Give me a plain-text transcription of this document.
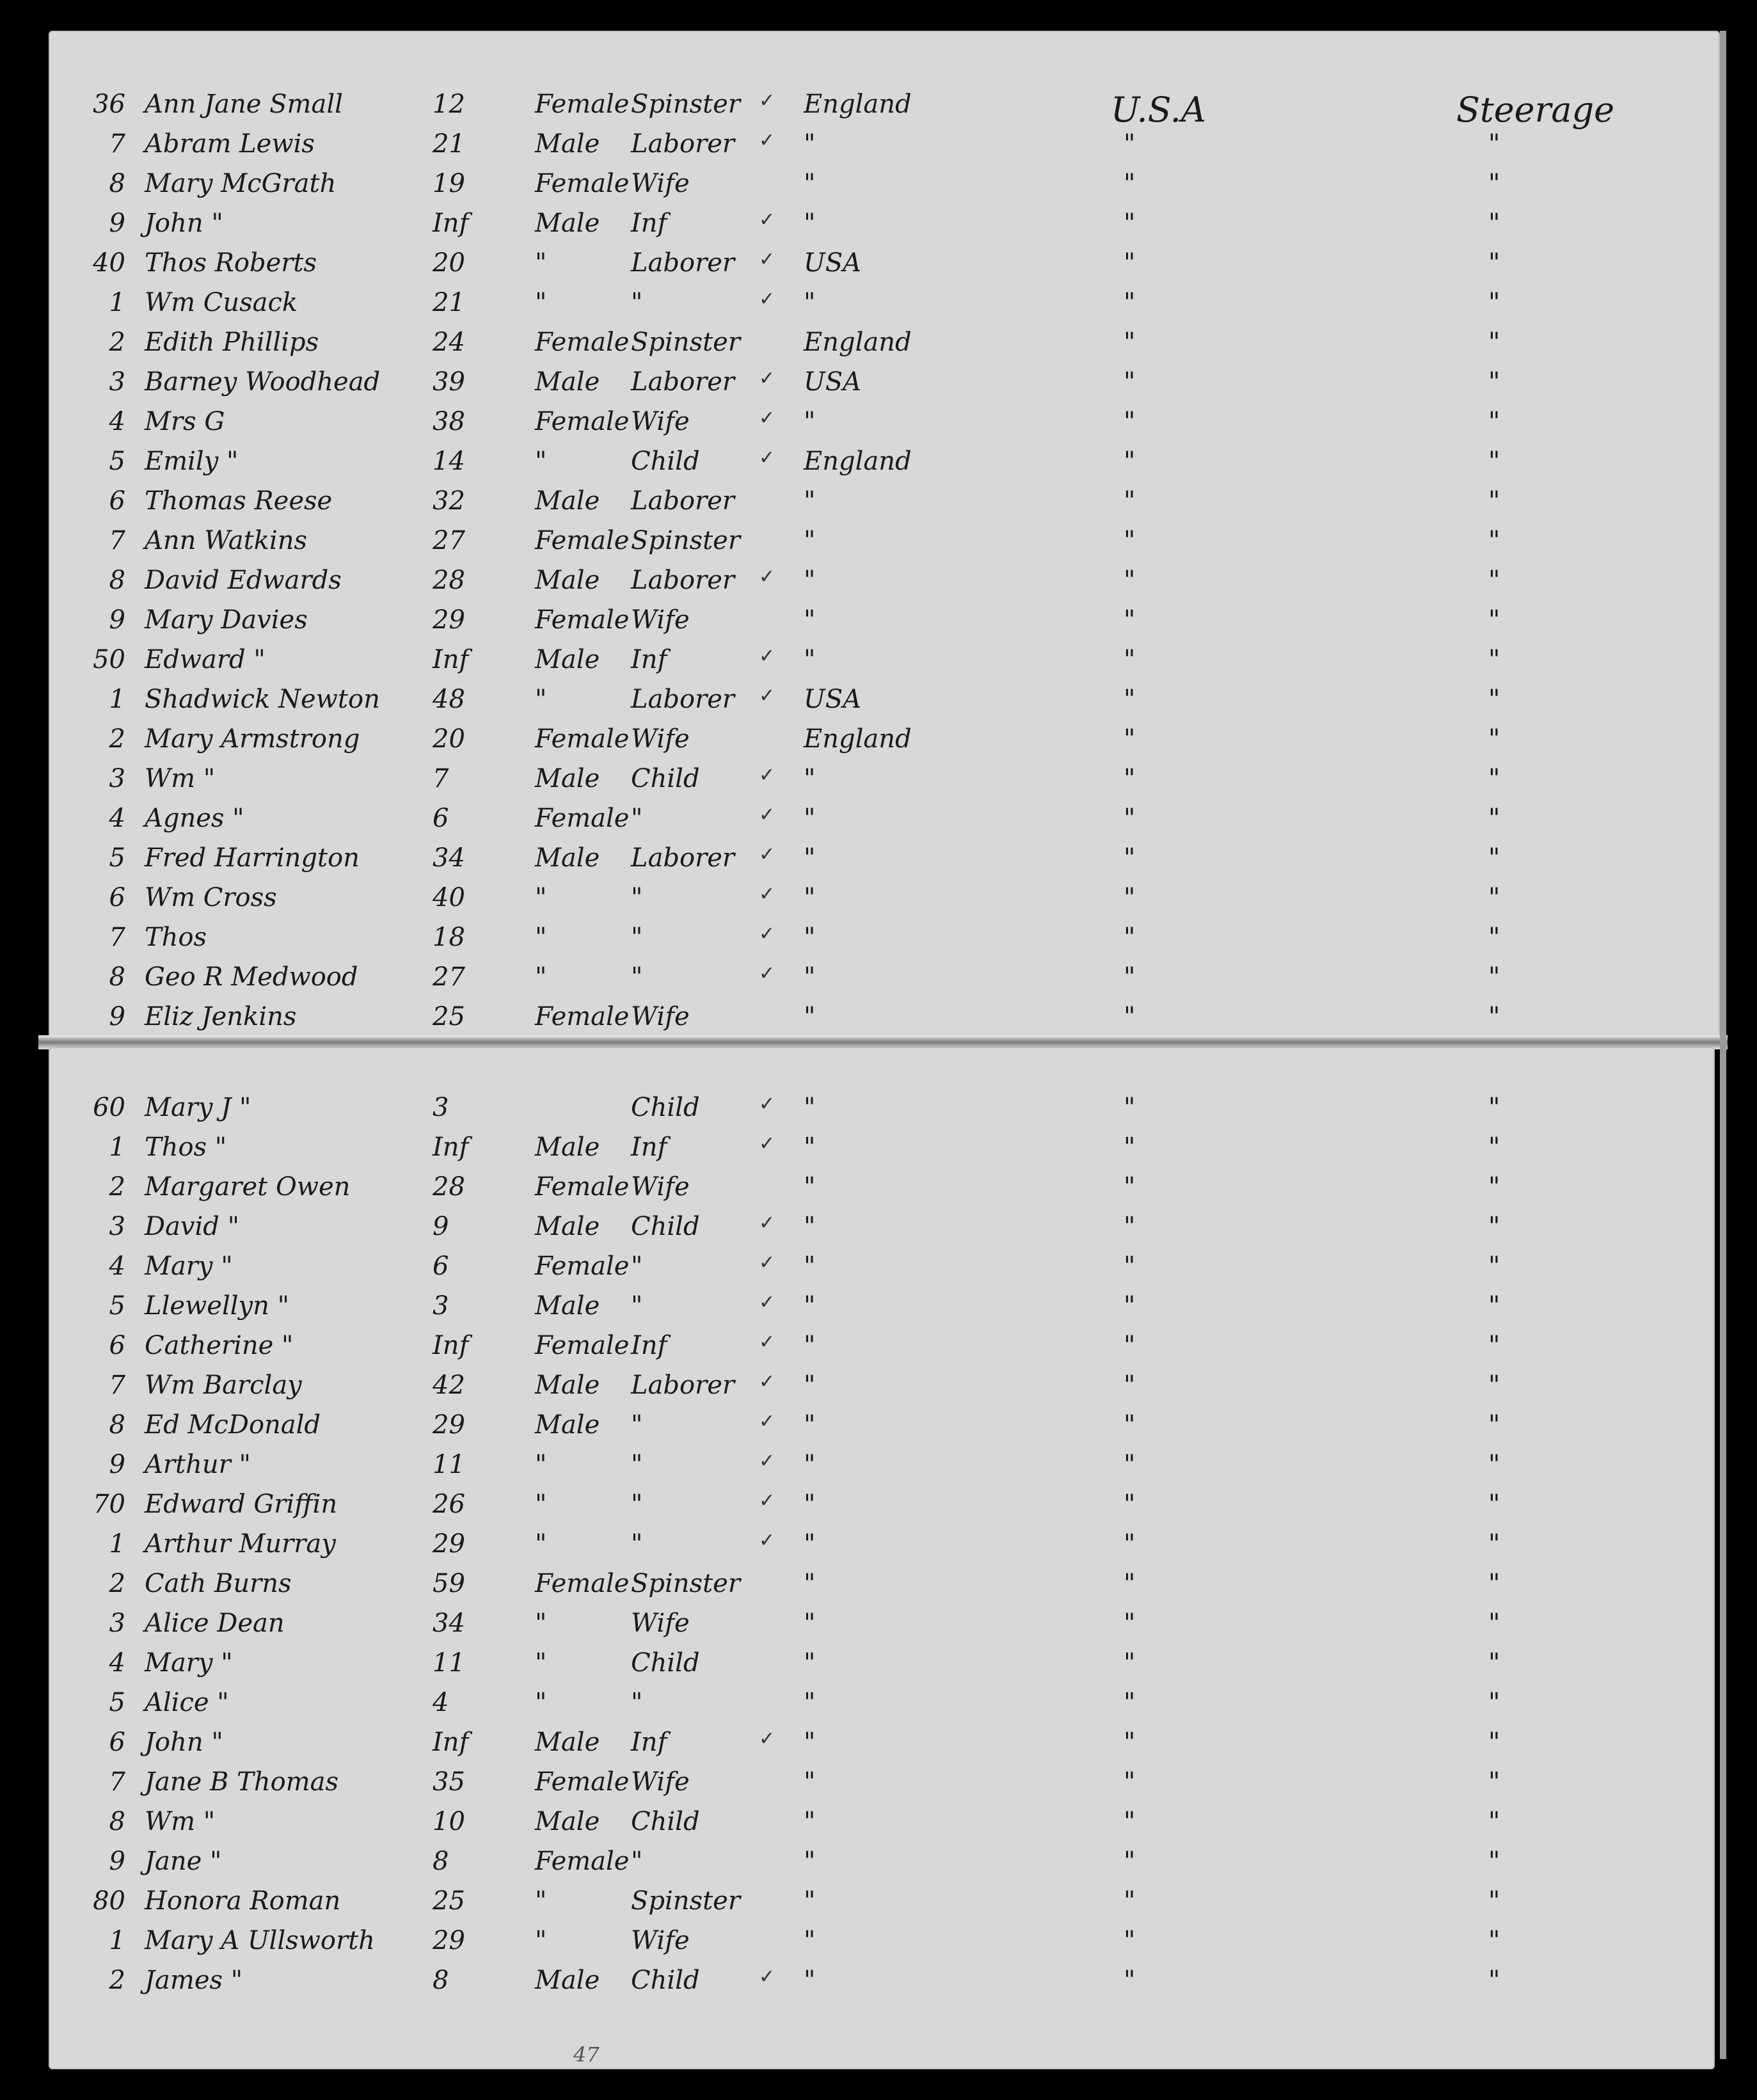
U.S.A	Steerage
36 Ann Jane Small	12	Female Spinster ✓ England
7 Abram Lewis	21	Male Laborer ✓ "	"	"
8 Mary McGrath	19	Female Wife	"	"	"
9 John "	Inf	Male Inf	✓ "	"	"
40 Thos Roberts	20	"	Laborer ✓ USA	"	"
1 Wm Cusack	21	"	"	✓ "	"	"
2 Edith Phillips	24	Female Spinster England	"	"
3 Barney Woodhead 39	Male Laborer ✓ USA	"	"
4 Mrs G	38	Female Wife	✓ "	"	"
5 Emily "	14	"	Child	✓ England	"	"
6 Thomas Reese	32	Male Laborer	"	"	"
7 Ann Watkins	27	Female Spinster "	"	"
8 David Edwards	28	Male Laborer ✓ "	"	"
9 Mary Davies	29	Female Wife	"	"	"
50 Edward "	Inf	Male Inf	✓ "	"	"
1 Shadwick Newton 48	"	Laborer ✓ USA	"	"
2 Mary Armstrong	20	Female Wife	England	"	"
3 Wm "	7	Male Child	✓ "	"	"
4 Agnes "	6	Female "	✓ "	"	"
5 Fred Harrington	34	Male Laborer ✓ "	"	"
6 Wm Cross	40	"	"	✓ "	"	"
7 Thos	18	"	"	✓ "	"	"
8 Geo R Medwood	27	"	"	✓ "	"	"
9 Eliz Jenkins	25	Female Wife	"	"	"
60 Mary J "	3	Child	✓ "	"	"
1 Thos "	Inf	Male Inf	✓ "	"	"
2 Margaret Owen	28	Female Wife	"	"	"
3 David "	9	Male Child	✓ "	"	"
4 Mary "	6	Female "	✓ "	"	"
5 Llewellyn "	3	Male "	✓ "	"	"
6 Catherine "	Inf	Female Inf	✓ "	"	"
7 Wm Barclay	42	Male Laborer ✓ "	"	"
8 Ed McDonald	29	Male "	✓ "	"	"
9 Arthur "	11	"	"	✓ "	"	"
70 Edward Griffin	26	"	"	✓ "	"	"
1 Arthur Murray	29	"	"	✓ "	"	"
2 Cath Burns	59	Female Spinster "	"	"
3 Alice Dean	34	"	Wife	"	"	"
4 Mary "	11	"	Child	"	"	"
5 Alice "	4	"	"	"	"	"
6 John "	Inf	Male Inf	✓ "	"	"
7 Jane B Thomas	35	Female Wife	"	"	"
8 Wm "	10	Male Child	"	"	"
9 Jane "	8	Female "	"	"	"
80 Honora Roman	25	"	Spinster "	"	"
1 Mary A Ullsworth 29	"	Wife	"	"	"
2 James "	8	Male Child	✓ "	"	"
47
